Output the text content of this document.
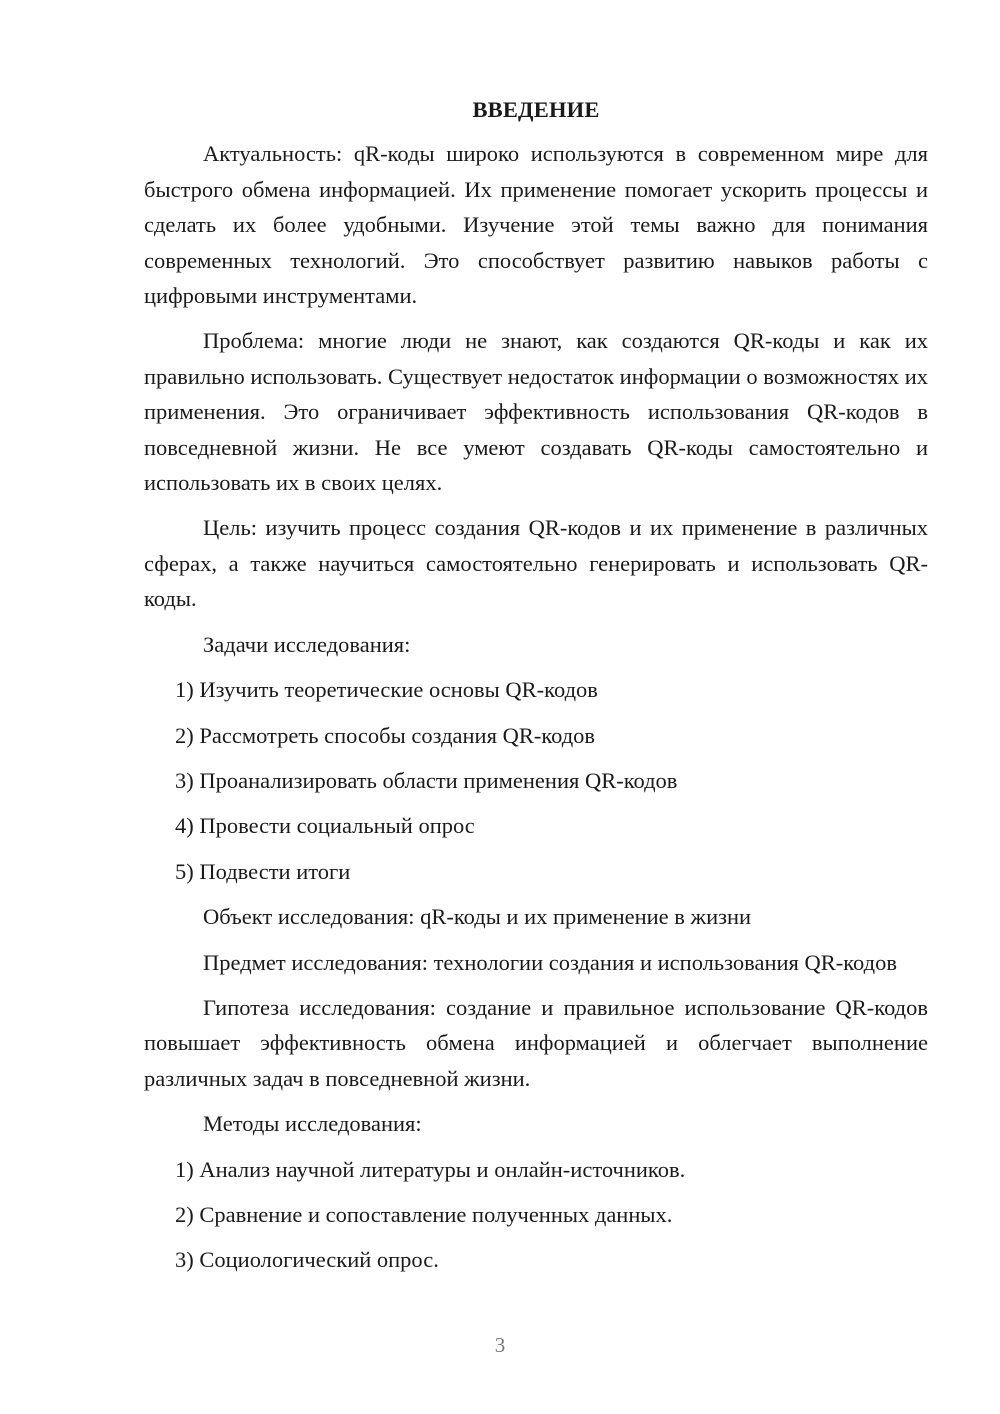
ВВЕДЕНИЕ

Актуальность: qR-коды широко используются в современном мире для быстрого обмена информацией. Их применение помогает ускорить процессы и сделать их более удобными. Изучение этой темы важно для понимания современных технологий. Это способствует развитию навыков работы с цифровыми инструментами.

Проблема: многие люди не знают, как создаются QR-коды и как их правильно использовать. Существует недостаток информации о возможностях их применения. Это ограничивает эффективность использования QR-кодов в повседневной жизни. Не все умеют создавать QR-коды самостоятельно и использовать их в своих целях.

Цель: изучить процесс создания QR-кодов и их применение в различных сферах, а также научиться самостоятельно генерировать и использовать QR-коды.

Задачи исследования:

1) Изучить теоретические основы QR-кодов

2) Рассмотреть способы создания QR-кодов

3) Проанализировать области применения QR-кодов

4) Провести социальный опрос

5) Подвести итоги

Объект исследования: qR-коды и их применение в жизни

Предмет исследования: технологии создания и использования QR-кодов

Гипотеза исследования: создание и правильное использование QR-кодов повышает эффективность обмена информацией и облегчает выполнение различных задач в повседневной жизни.

Методы исследования:

1) Анализ научной литературы и онлайн-источников.

2) Сравнение и сопоставление полученных данных.

3) Социологический опрос.

3
